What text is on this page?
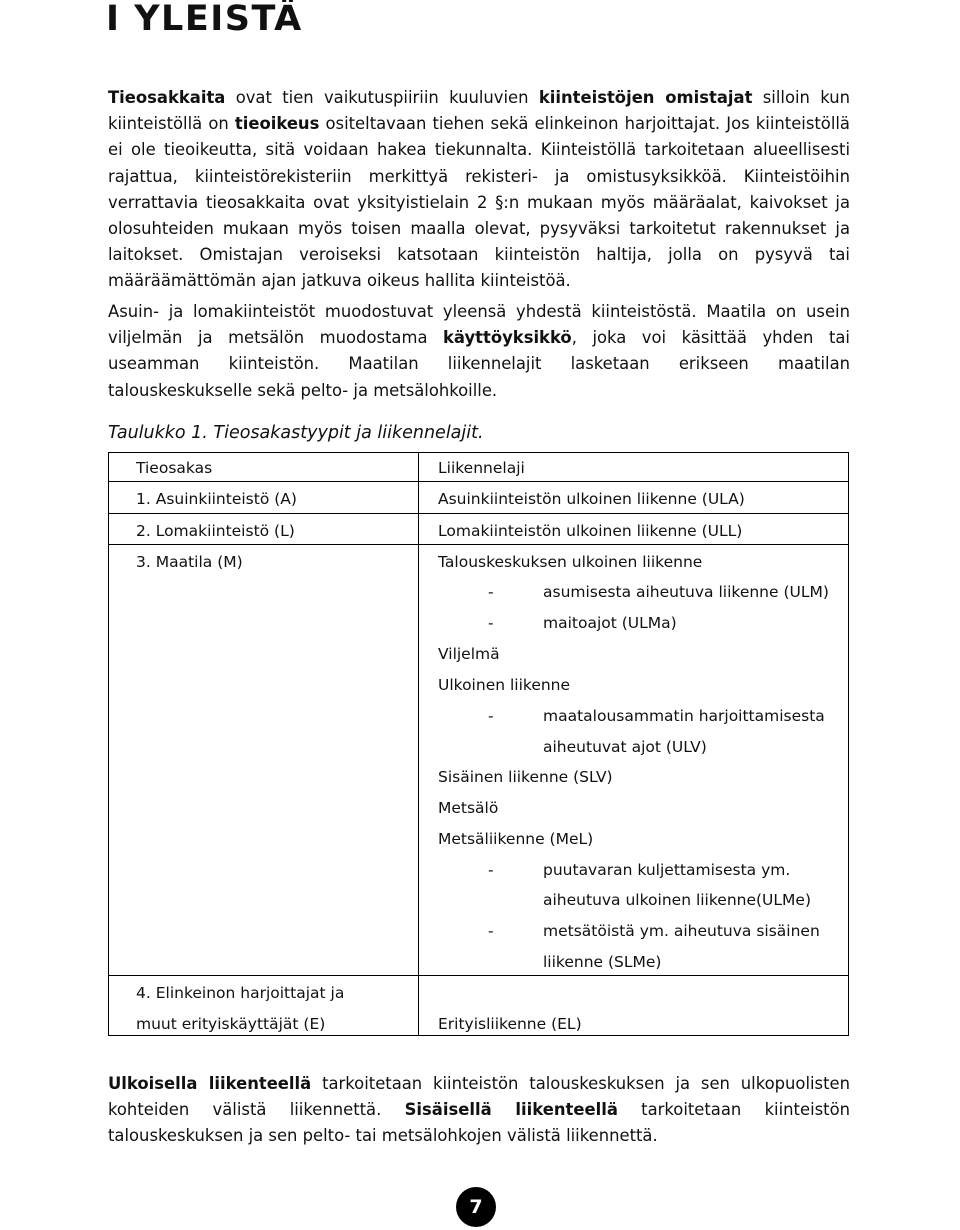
I YLEISTÄ

Tieosakkaita ovat tien vaikutuspiiriin kuuluvien kiinteistöjen omistajat silloin kun kiinteistöllä on tieoikeus ositeltavaan tiehen sekä elinkeinon harjoittajat. Jos kiinteistöllä ei ole tieoikeutta, sitä voidaan hakea tiekunnalta. Kiinteistöllä tarkoitetaan alueellisesti rajattua, kiinteistörekisteriin merkittyä rekisteri- ja omistusyksikköä. Kiinteistöihin verrattavia tieosakkaita ovat yksityistielain 2 §:n mukaan myös määräalat, kaivokset ja olosuhteiden mukaan myös toisen maalla olevat, pysyväksi tarkoitetut rakennukset ja laitokset. Omistajan veroiseksi katsotaan kiinteistön haltija, jolla on pysyvä tai määräämättömän ajan jatkuva oikeus hallita kiinteistöä.

Asuin- ja lomakiinteistöt muodostuvat yleensä yhdestä kiinteistöstä. Maatila on usein viljelmän ja metsälön muodostama käyttöyksikkö, joka voi käsittää yhden tai useamman kiinteistön. Maatilan liikennelajit lasketaan erikseen maatilan talouskeskukselle sekä pelto- ja metsälohkoille.

Taulukko 1. Tieosakastyypit ja liikennelajit.

Tieosakas	Liikennelaji
1. Asuinkiinteistö (A)	Asuinkiinteistön ulkoinen liikenne (ULA)
2. Lomakiinteistö (L)	Lomakiinteistön ulkoinen liikenne (ULL)
3. Maatila (M)	Talouskeskuksen ulkoinen liikenne
-	asumisesta aiheutuva liikenne (ULM)
-	maitoajot (ULMa)
Viljelmä
Ulkoinen liikenne
-	maatalousammatin harjoittamisesta
aiheutuvat ajot (ULV)
Sisäinen liikenne (SLV)
Metsälö
Metsäliikenne (MeL)
-	puutavaran kuljettamisesta ym.
aiheutuva ulkoinen liikenne(ULMe)
-	metsätöistä ym. aiheutuva sisäinen
liikenne (SLMe)
4. Elinkeinon harjoittajat ja
muut erityiskäyttäjät (E)	Erityisliikenne (EL)

Ulkoisella liikenteellä tarkoitetaan kiinteistön talouskeskuksen ja sen ulkopuolisten kohteiden välistä liikennettä. Sisäisellä liikenteellä tarkoitetaan kiinteistön talouskeskuksen ja sen pelto- tai metsälohkojen välistä liikennettä.

7
